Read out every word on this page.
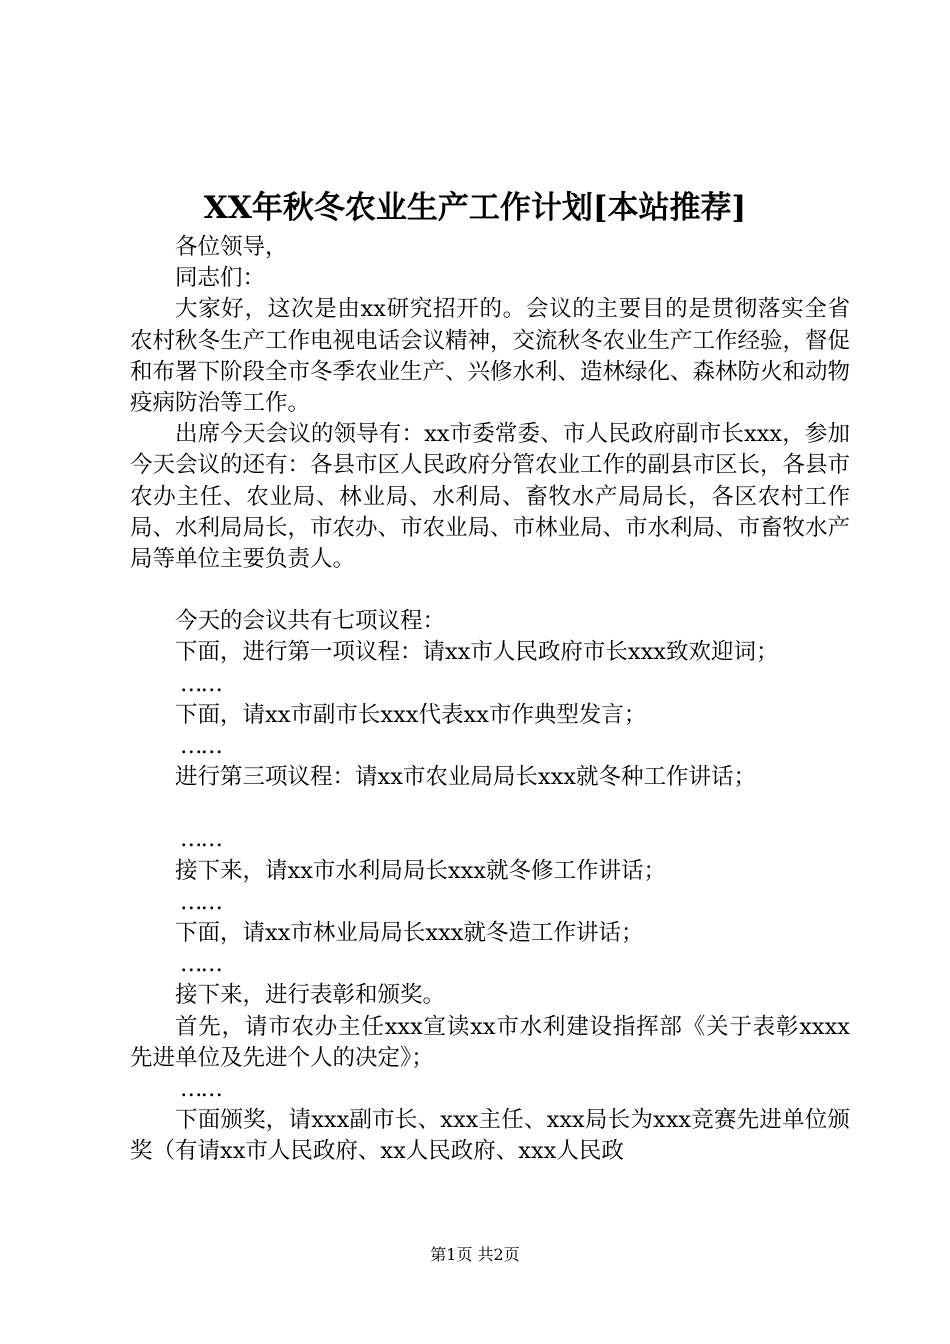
XX年秋冬农业生产工作计划[本站推荐]

各位领导，

同志们：

大家好，这次是由xx研究招开的。会议的主要目的是贯彻落实全省农村秋冬生产工作电视电话会议精神，交流秋冬农业生产工作经验，督促和布署下阶段全市冬季农业生产、兴修水利、造林绿化、森林防火和动物疫病防治等工作。

出席今天会议的领导有：xx市委常委、市人民政府副市长xxx，参加今天会议的还有：各县市区人民政府分管农业工作的副县市区长，各县市农办主任、农业局、林业局、水利局、畜牧水产局局长，各区农村工作局、水利局局长，市农办、市农业局、市林业局、市水利局、市畜牧水产局等单位主要负责人。

今天的会议共有七项议程：

下面，进行第一项议程：请xx市人民政府市长xxx致欢迎词；

……

下面，请xx市副市长xxx代表xx市作典型发言；

……

进行第三项议程：请xx市农业局局长xxx就冬种工作讲话；

……

接下来，请xx市水利局局长xxx就冬修工作讲话；

……

下面，请xx市林业局局长xxx就冬造工作讲话；

……

接下来，进行表彰和颁奖。

首先，请市农办主任xxx宣读xx市水利建设指挥部《关于表彰xxxx先进单位及先进个人的决定》；

……

下面颁奖，请xxx副市长、xxx主任、xxx局长为xxx竞赛先进单位颁奖（有请xx市人民政府、xx人民政府、xxx人民政

第1页 共2页
